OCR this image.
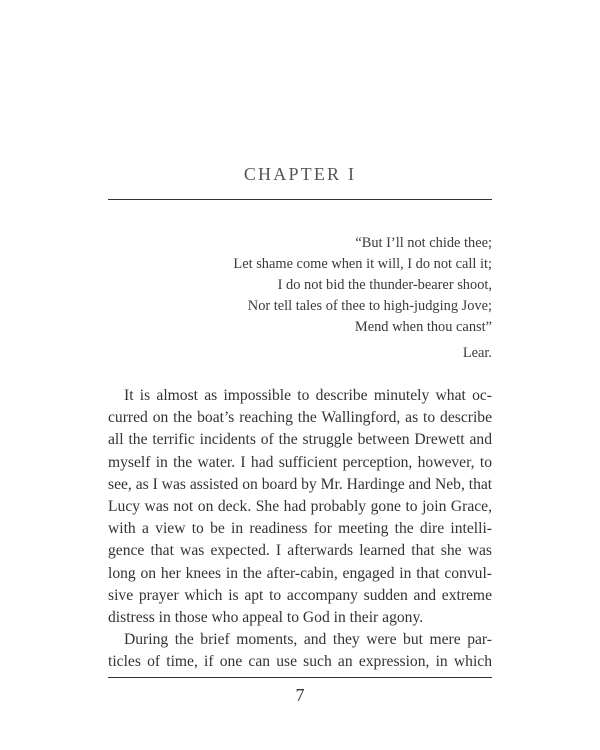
CHAPTER I
“But I’ll not chide thee;
Let shame come when it will, I do not call it;
I do not bid the thunder-bearer shoot,
Nor tell tales of thee to high-judging Jove;
Mend when thou canst”
Lear.
It is almost as impossible to describe minutely what oc-
curred on the boat’s reaching the Wallingford, as to describe
all the terrific incidents of the struggle between Drewett and
myself in the water. I had sufficient perception, however, to
see, as I was assisted on board by Mr. Hardinge and Neb, that
Lucy was not on deck. She had probably gone to join Grace,
with a view to be in readiness for meeting the dire intelli-
gence that was expected. I afterwards learned that she was
long on her knees in the after-cabin, engaged in that convul-
sive prayer which is apt to accompany sudden and extreme
distress in those who appeal to God in their agony.
During the brief moments, and they were but mere par-
ticles of time, if one can use such an expression, in which
7
